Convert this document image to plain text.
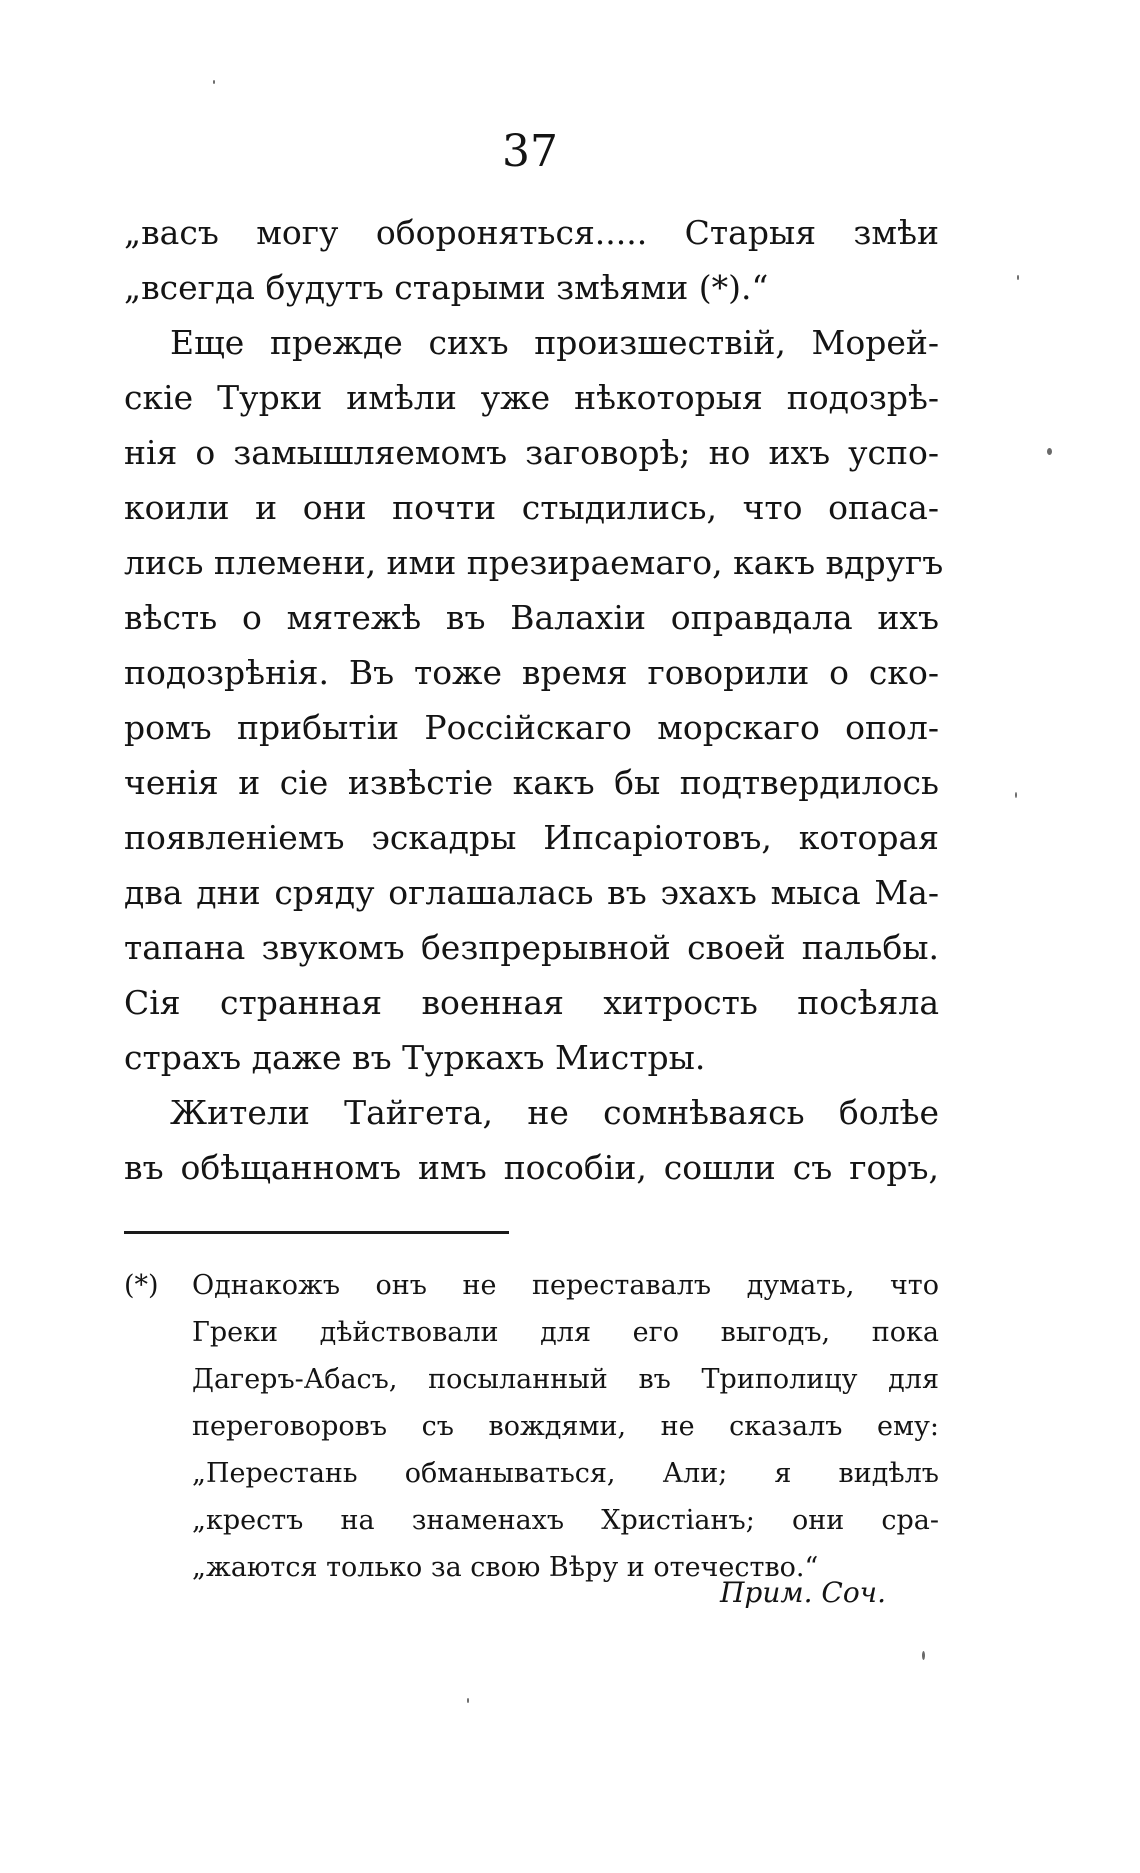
37
„васъ могу обороняться..... Старыя змѣи
„всегда будутъ старыми змѣями (*).“
Еще прежде сихъ произшествій, Морей-
скіе Турки имѣли уже нѣкоторыя подозрѣ-
нія о замышляемомъ заговорѣ; но ихъ успо-
коили и они почти стыдились, что опаса-
лись племени, ими презираемаго, какъ вдругъ
вѣсть о мятежѣ въ Валахіи оправдала ихъ
подозрѣнія. Въ тоже время говорили о ско-
ромъ прибытіи Россійскаго морскаго опол-
ченія и сіе извѣстіе какъ бы подтвердилось
появленіемъ эскадры Ипсаріотовъ, которая
два дни сряду оглашалась въ эхахъ мыса Ма-
тапана звукомъ безпрерывной своей пальбы.
Сія странная военная хитрость посѣяла
страхъ даже въ Туркахъ Мистры.
Жители Тайгета, не сомнѣваясь болѣе
въ обѣщанномъ имъ пособіи, сошли съ горъ,
(*) Однакожъ онъ не переставалъ думать, что
Греки дѣйствовали для его выгодъ, пока
Дагеръ-Абасъ, посыланный въ Триполицу для
переговоровъ съ вождями, не сказалъ ему:
„Перестань обманываться, Али; я видѣлъ
„крестъ на знаменахъ Христіанъ; они сра-
„жаются только за свою Вѣру и отечество.“
Прим. Соч.
